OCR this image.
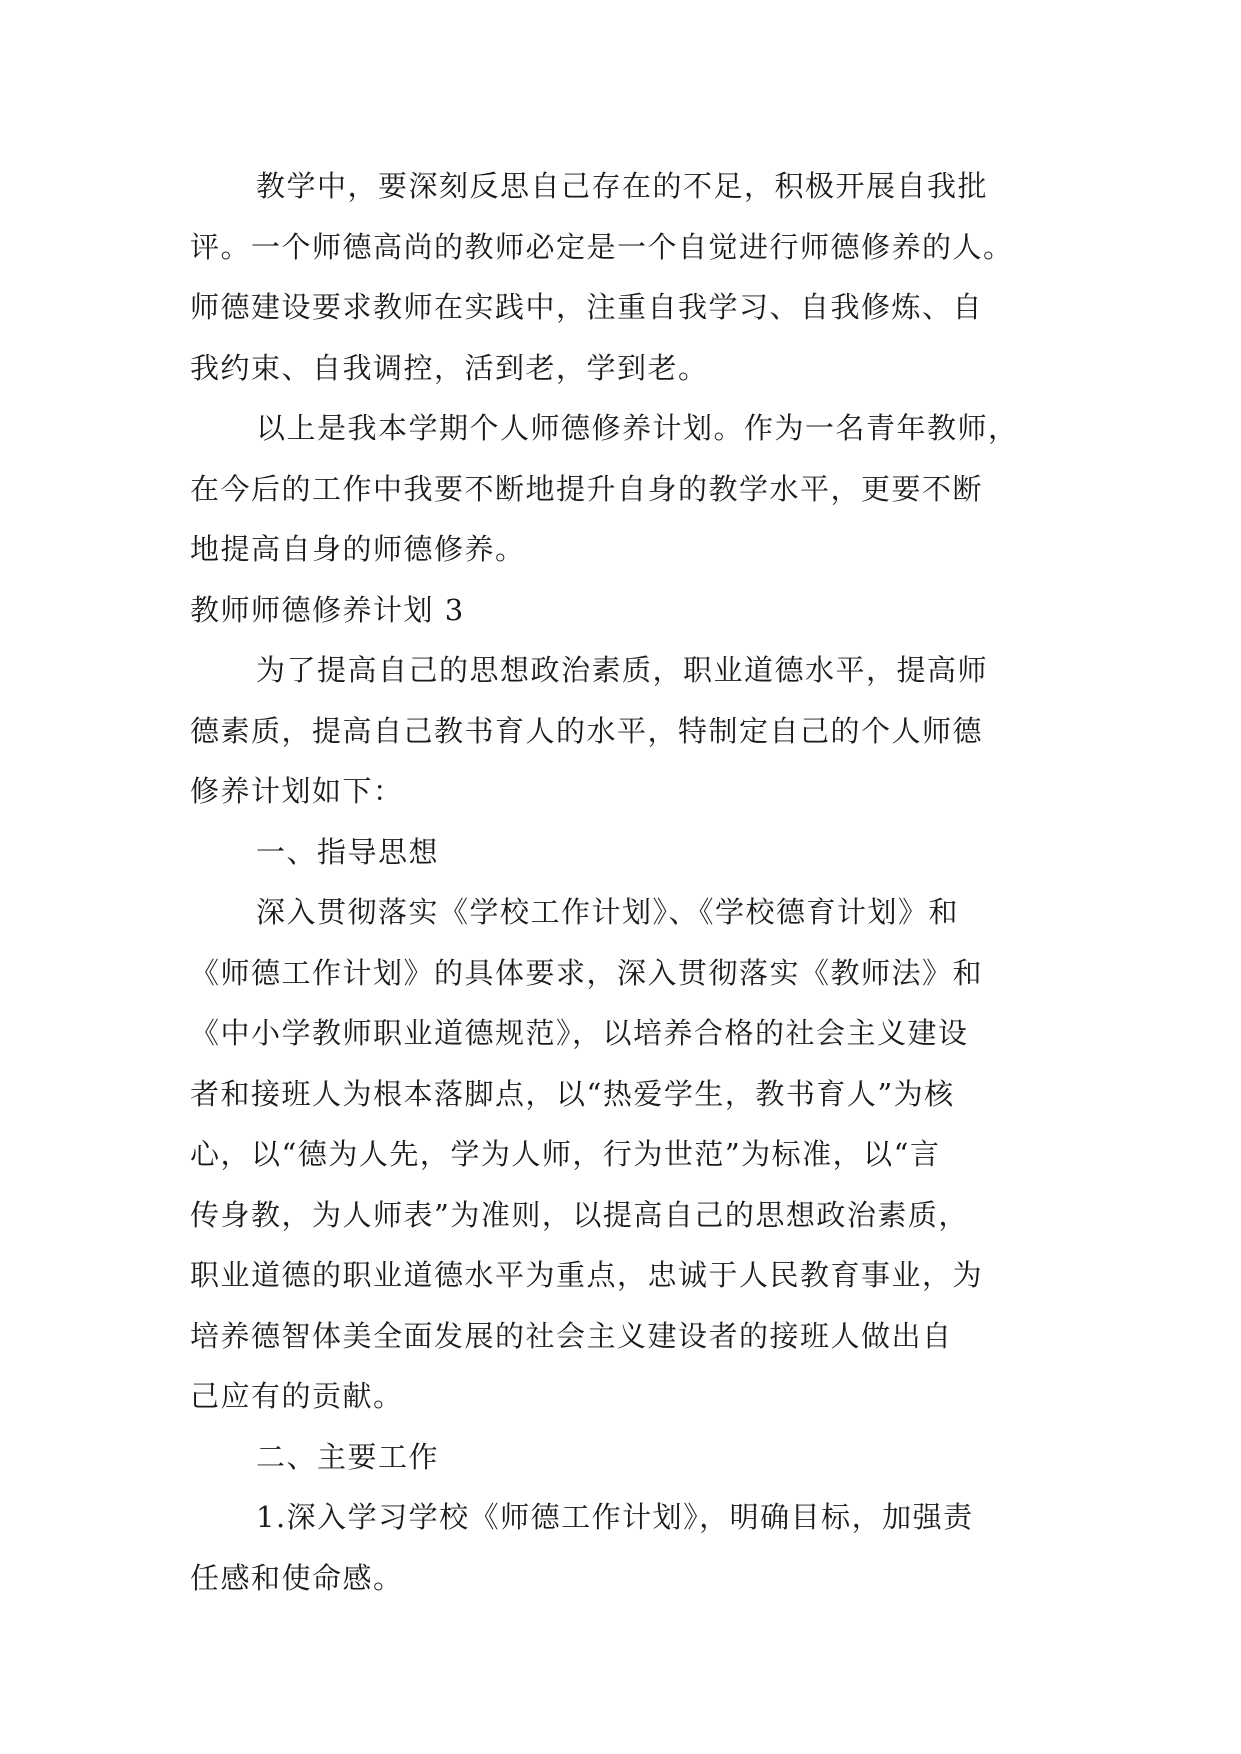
教学中，要深刻反思自己存在的不足，积极开展自我批
评。一个师德高尚的教师必定是一个自觉进行师德修养的人。
师德建设要求教师在实践中，注重自我学习、自我修炼、自
我约束、自我调控，活到老，学到老。
以上是我本学期个人师德修养计划。作为一名青年教师，
在今后的工作中我要不断地提升自身的教学水平，更要不断
地提高自身的师德修养。
教师师德修养计划 3
为了提高自己的思想政治素质，职业道德水平，提高师
德素质，提高自己教书育人的水平，特制定自己的个人师德
修养计划如下：
一、指导思想
深入贯彻落实《学校工作计划》、《学校德育计划》和
《师德工作计划》的具体要求，深入贯彻落实《教师法》和
《中小学教师职业道德规范》，以培养合格的社会主义建设
者和接班人为根本落脚点，以“热爱学生，教书育人”为核
心，以“德为人先，学为人师，行为世范”为标准，以“言
传身教，为人师表”为准则，以提高自己的思想政治素质，
职业道德的职业道德水平为重点，忠诚于人民教育事业，为
培养德智体美全面发展的社会主义建设者的接班人做出自
己应有的贡献。
二、主要工作
1.深入学习学校《师德工作计划》，明确目标，加强责
任感和使命感。
